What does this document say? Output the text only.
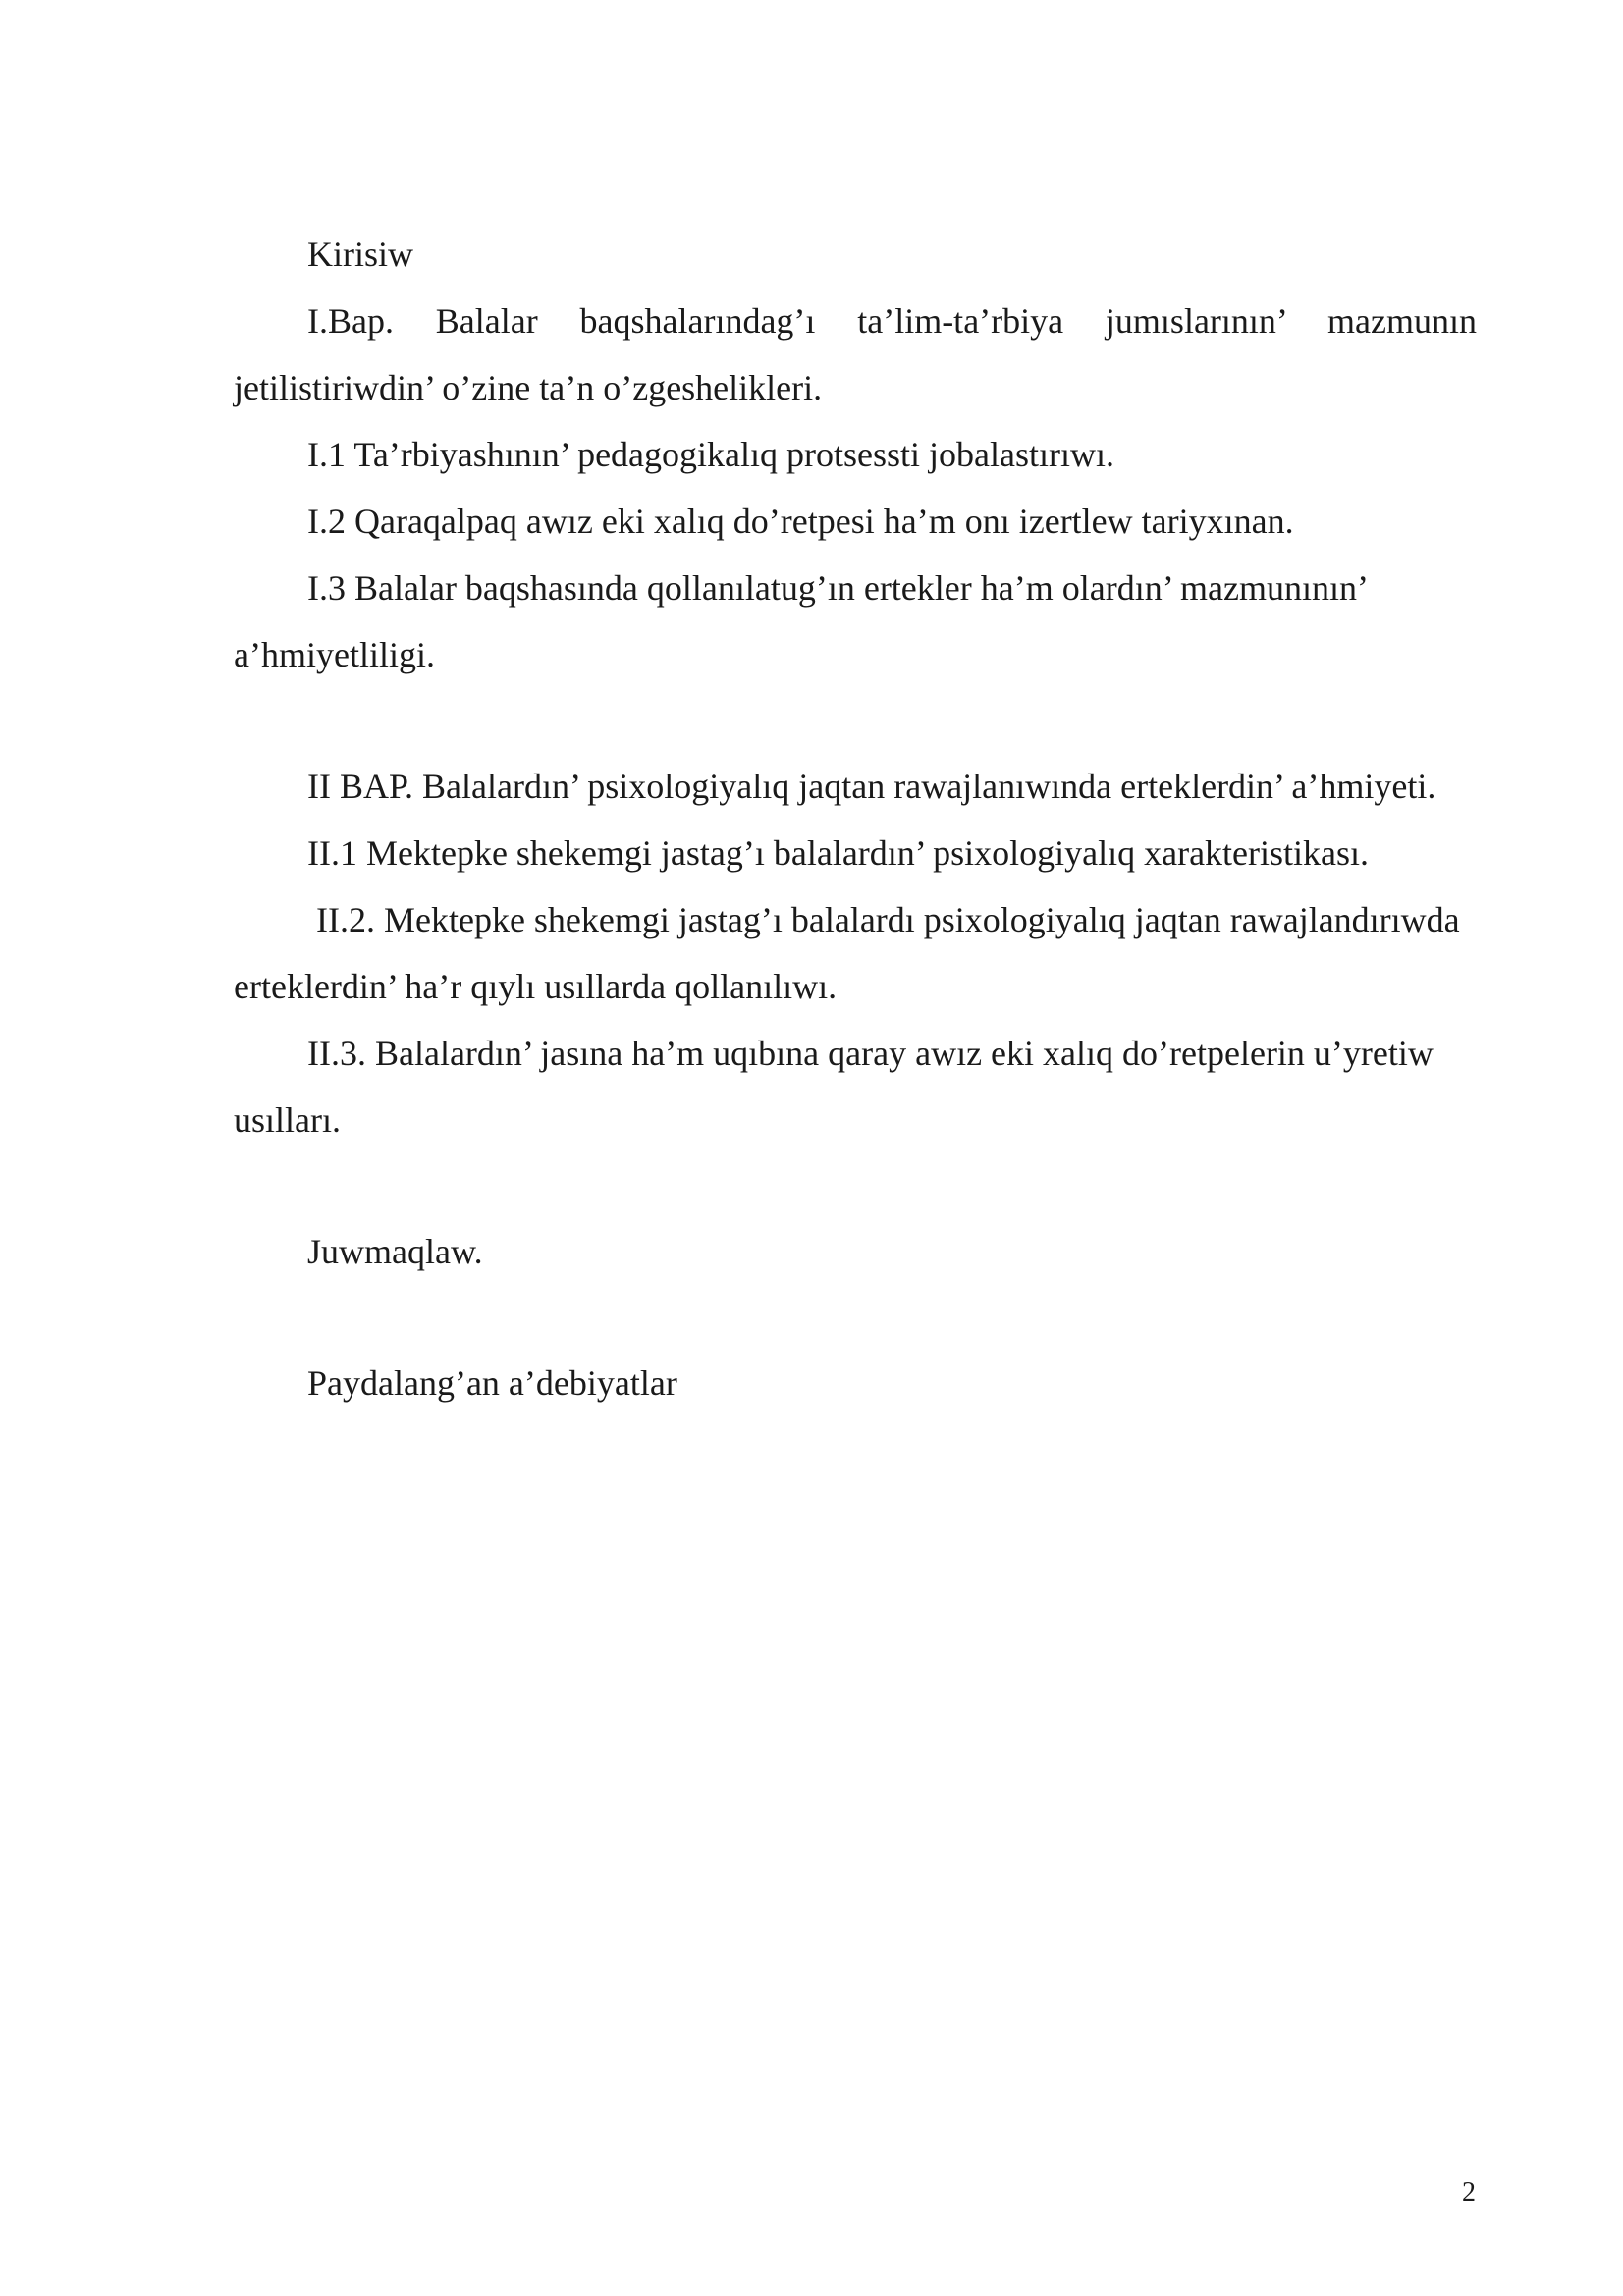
Kirisiw

I.Bap. Balalar baqshalarındag’ı ta’lim-ta’rbiya jumıslarının’ mazmunın jetilistiriwdin’ o’zine ta’n o’zgeshelikleri.

I.1 Ta’rbiyashının’ pedagogikalıq protsessti jobalastırıwı.

I.2 Qaraqalpaq awız eki xalıq do’retpesi ha’m onı izertlew tariyxınan.

I.3 Balalar baqshasında qollanılatug’ın ertekler ha’m olardın’ mazmunının’ a’hmiyetliligi.

II BAP. Balalardın’ psixologiyalıq jaqtan rawajlanıwında erteklerdin’ a’hmiyeti.

II.1 Mektepke shekemgi jastag’ı balalardın’ psixologiyalıq xarakteristikası.

II.2. Mektepke shekemgi jastag’ı balalardı psixologiyalıq jaqtan rawajlandırıwda erteklerdin’ ha’r qıylı usıllarda qollanılıwı.

II.3. Balalardın’ jasına ha’m uqıbına qaray awız eki xalıq do’retpelerin u’yretiw usılları.

Juwmaqlaw.

Paydalang’an a’debiyatlar

2
